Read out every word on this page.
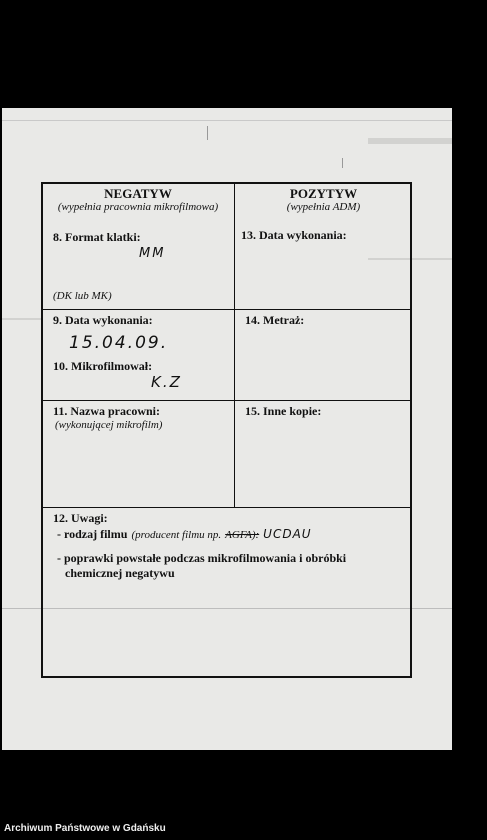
NEGATYW
(wypełnia pracownia mikrofilmowa)
POZYTYW
(wypełnia ADM)
8. Format klatki:
MM
(DK lub MK)
13. Data wykonania:
9. Data wykonania:
15.04.09.
10. Mikrofilmował:
K.Z
14. Metraż:
11. Nazwa pracowni:
(wykonującej mikrofilm)
15. Inne kopie:
12. Uwagi:
- rodzaj filmu (producent filmu np. AGFA): UCDAU
- poprawki powstałe podczas mikrofilmowania i obróbki
chemicznej negatywu
Archiwum Państwowe w Gdańsku
